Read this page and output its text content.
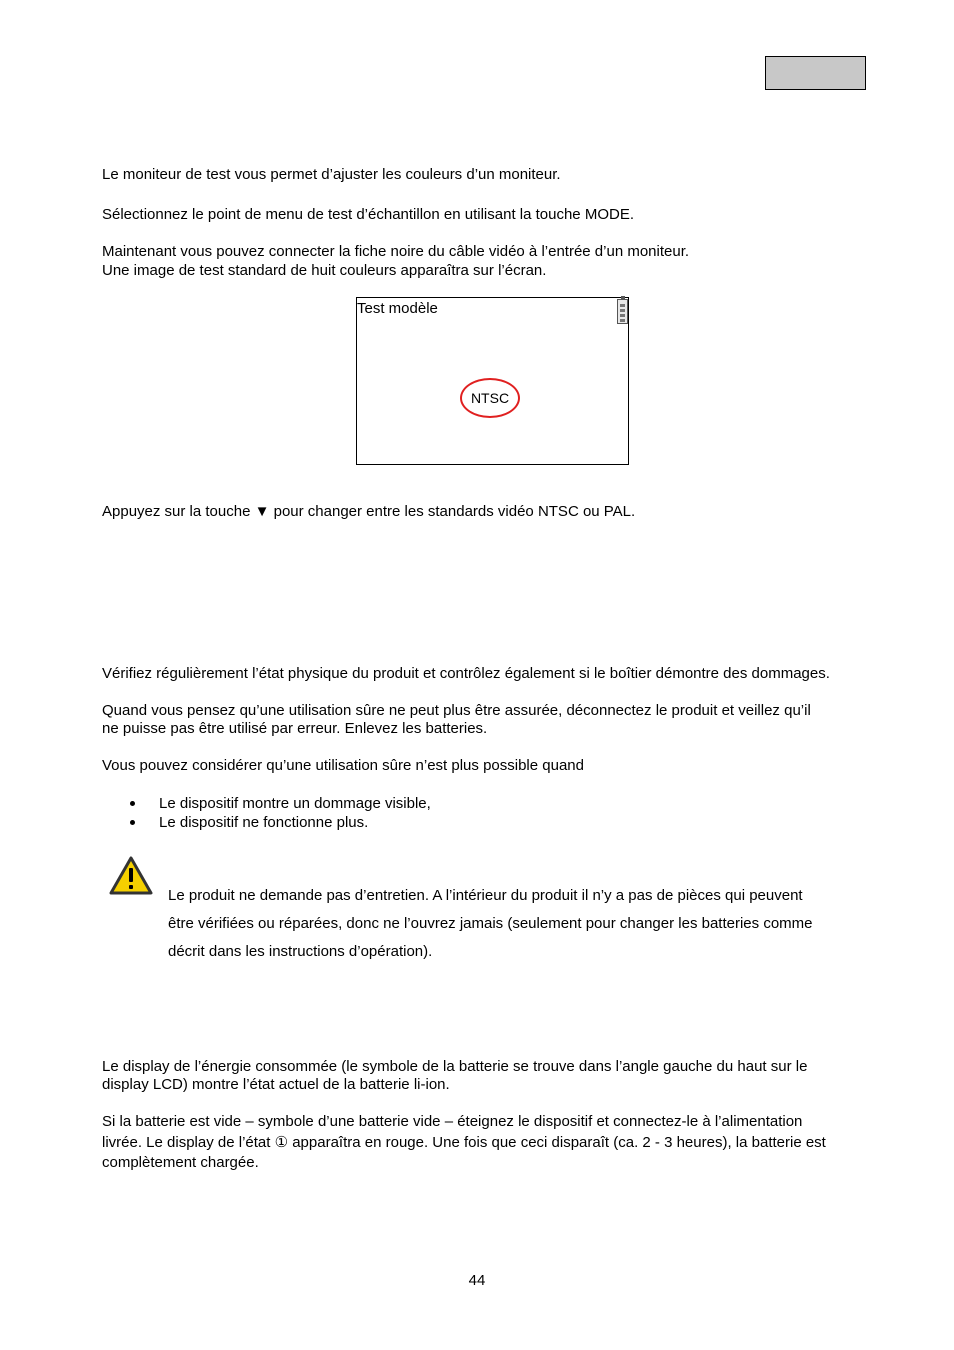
Le moniteur de test vous permet d’ajuster les couleurs d’un moniteur.
Sélectionnez le point de menu de test d’échantillon en utilisant la touche MODE.
Maintenant vous pouvez connecter la fiche noire du câble vidéo à l’entrée d’un moniteur.
Une image de test standard de huit couleurs apparaîtra sur l’écran.
Test modèle
NTSC
Appuyez sur la touche ▼ pour changer entre les standards vidéo NTSC ou PAL.
Vérifiez régulièrement l’état physique du produit et contrôlez également si le boîtier démontre des dommages.
Quand vous pensez qu’une utilisation sûre ne peut plus être assurée, déconnectez le produit et veillez qu’il
ne puisse pas être utilisé par erreur. Enlevez les batteries.
Vous pouvez considérer qu’une utilisation sûre n’est plus possible quand
Le dispositif montre un dommage visible,
Le dispositif ne fonctionne plus.
Le produit ne demande pas d’entretien. A l’intérieur du produit il n’y a pas de pièces qui peuvent
être vérifiées ou réparées, donc ne l’ouvrez jamais (seulement pour changer les batteries comme
décrit dans les instructions d’opération).
Le display de l’énergie consommée (le symbole de la batterie se trouve dans l’angle gauche du haut sur le
display LCD) montre l’état actuel de la batterie li-ion.
Si la batterie est vide – symbole d’une batterie vide – éteignez le dispositif et connectez-le à l’alimentation
livrée. Le display de l’état ① apparaîtra en rouge. Une fois que ceci disparaît (ca. 2 - 3 heures), la batterie est
complètement chargée.
44
